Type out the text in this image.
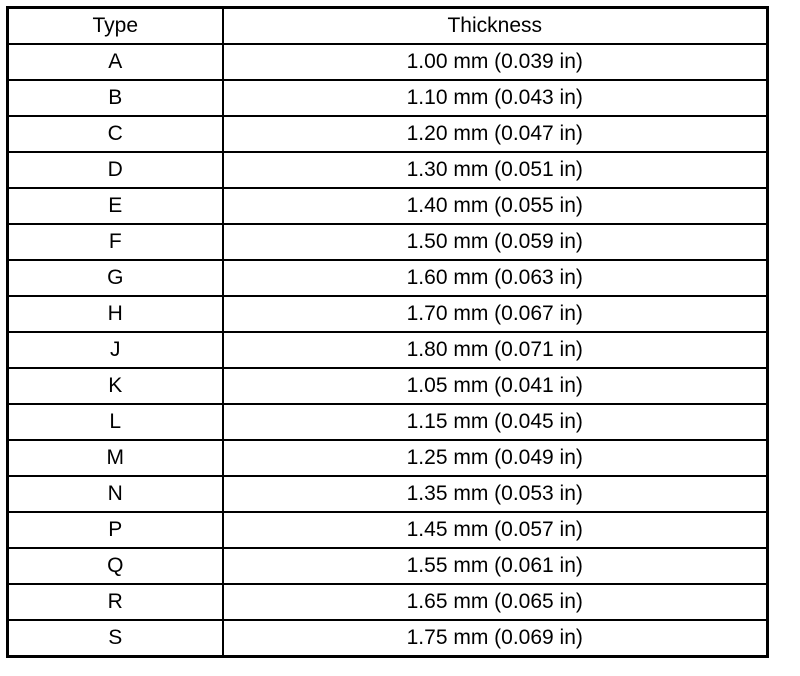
Type	Thickness
A	1.00 mm (0.039 in)
B	1.10 mm (0.043 in)
C	1.20 mm (0.047 in)
D	1.30 mm (0.051 in)
E	1.40 mm (0.055 in)
F	1.50 mm (0.059 in)
G	1.60 mm (0.063 in)
H	1.70 mm (0.067 in)
J	1.80 mm (0.071 in)
K	1.05 mm (0.041 in)
L	1.15 mm (0.045 in)
M	1.25 mm (0.049 in)
N	1.35 mm (0.053 in)
P	1.45 mm (0.057 in)
Q	1.55 mm (0.061 in)
R	1.65 mm (0.065 in)
S	1.75 mm (0.069 in)
